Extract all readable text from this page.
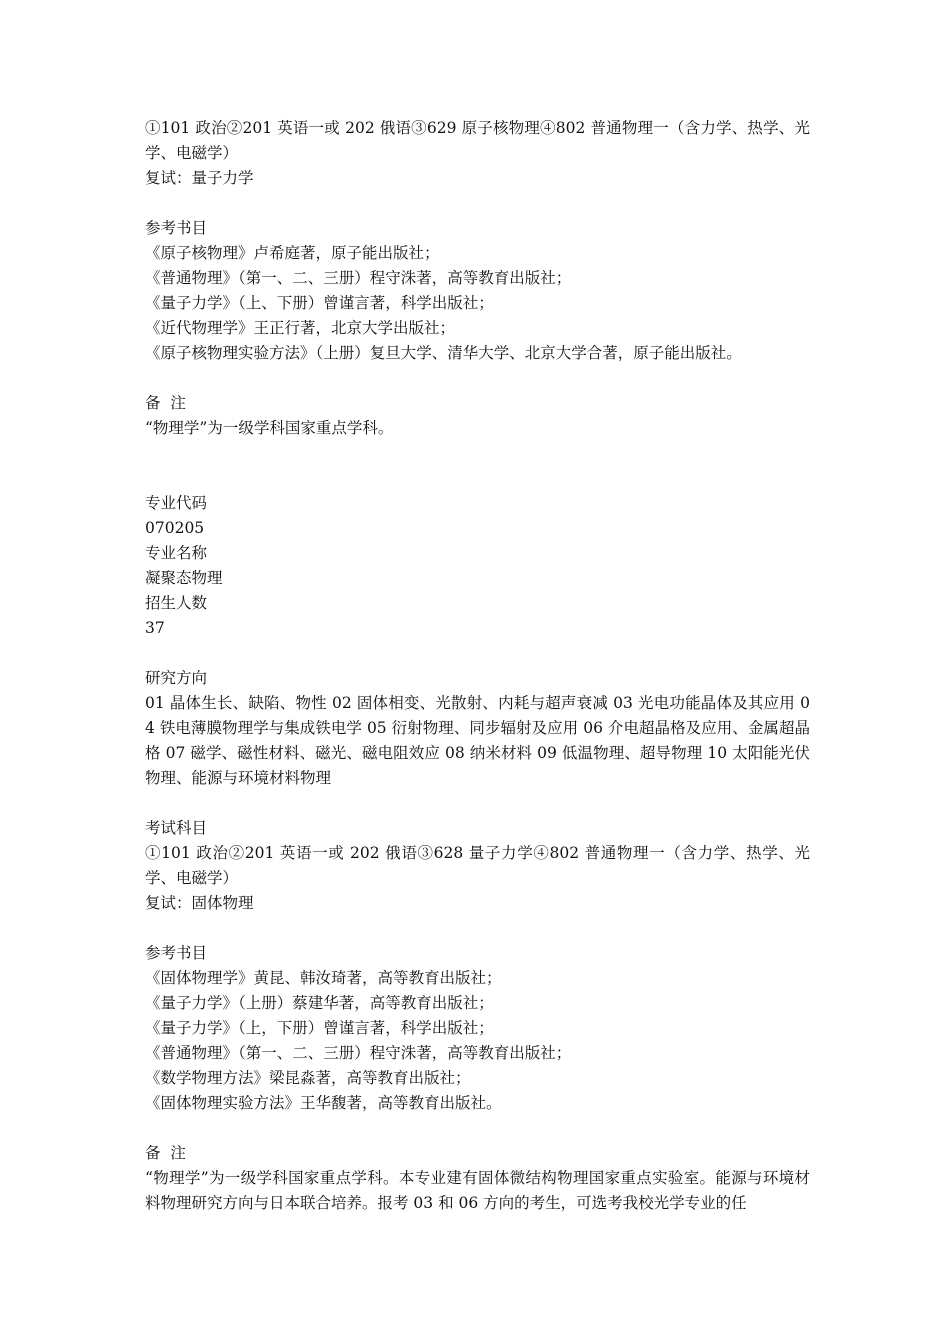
①101 政治②201 英语一或 202 俄语③629 原子核物理④802 普通物理一（含力学、热学、光学、电磁学）
复试：量子力学
参考书目
《原子核物理》卢希庭著，原子能出版社；
《普通物理》（第一、二、三册）程守洙著，高等教育出版社；
《量子力学》（上、下册）曾谨言著，科学出版社；
《近代物理学》王正行著，北京大学出版社；
《原子核物理实验方法》（上册）复旦大学、清华大学、北京大学合著，原子能出版社。
备  注
“物理学”为一级学科国家重点学科。
专业代码
070205
专业名称
凝聚态物理
招生人数
37
研究方向
01 晶体生长、缺陷、物性 02 固体相变、光散射、内耗与超声衰减 03 光电功能晶体及其应用 04 铁电薄膜物理学与集成铁电学 05 衍射物理、同步辐射及应用 06 介电超晶格及应用、金属超晶格 07 磁学、磁性材料、磁光、磁电阻效应 08 纳米材料 09 低温物理、超导物理 10 太阳能光伏物理、能源与环境材料物理
考试科目
①101 政治②201 英语一或 202 俄语③628 量子力学④802 普通物理一（含力学、热学、光学、电磁学）
复试：固体物理
参考书目
《固体物理学》黄昆、韩汝琦著，高等教育出版社；
《量子力学》（上册）蔡建华著，高等教育出版社；
《量子力学》（上，下册）曾谨言著，科学出版社；
《普通物理》（第一、二、三册）程守洙著，高等教育出版社；
《数学物理方法》梁昆淼著，高等教育出版社；
《固体物理实验方法》王华馥著，高等教育出版社。
备  注
“物理学”为一级学科国家重点学科。本专业建有固体微结构物理国家重点实验室。能源与环境材料物理研究方向与日本联合培养。报考 03 和 06 方向的考生，可选考我校光学专业的任
